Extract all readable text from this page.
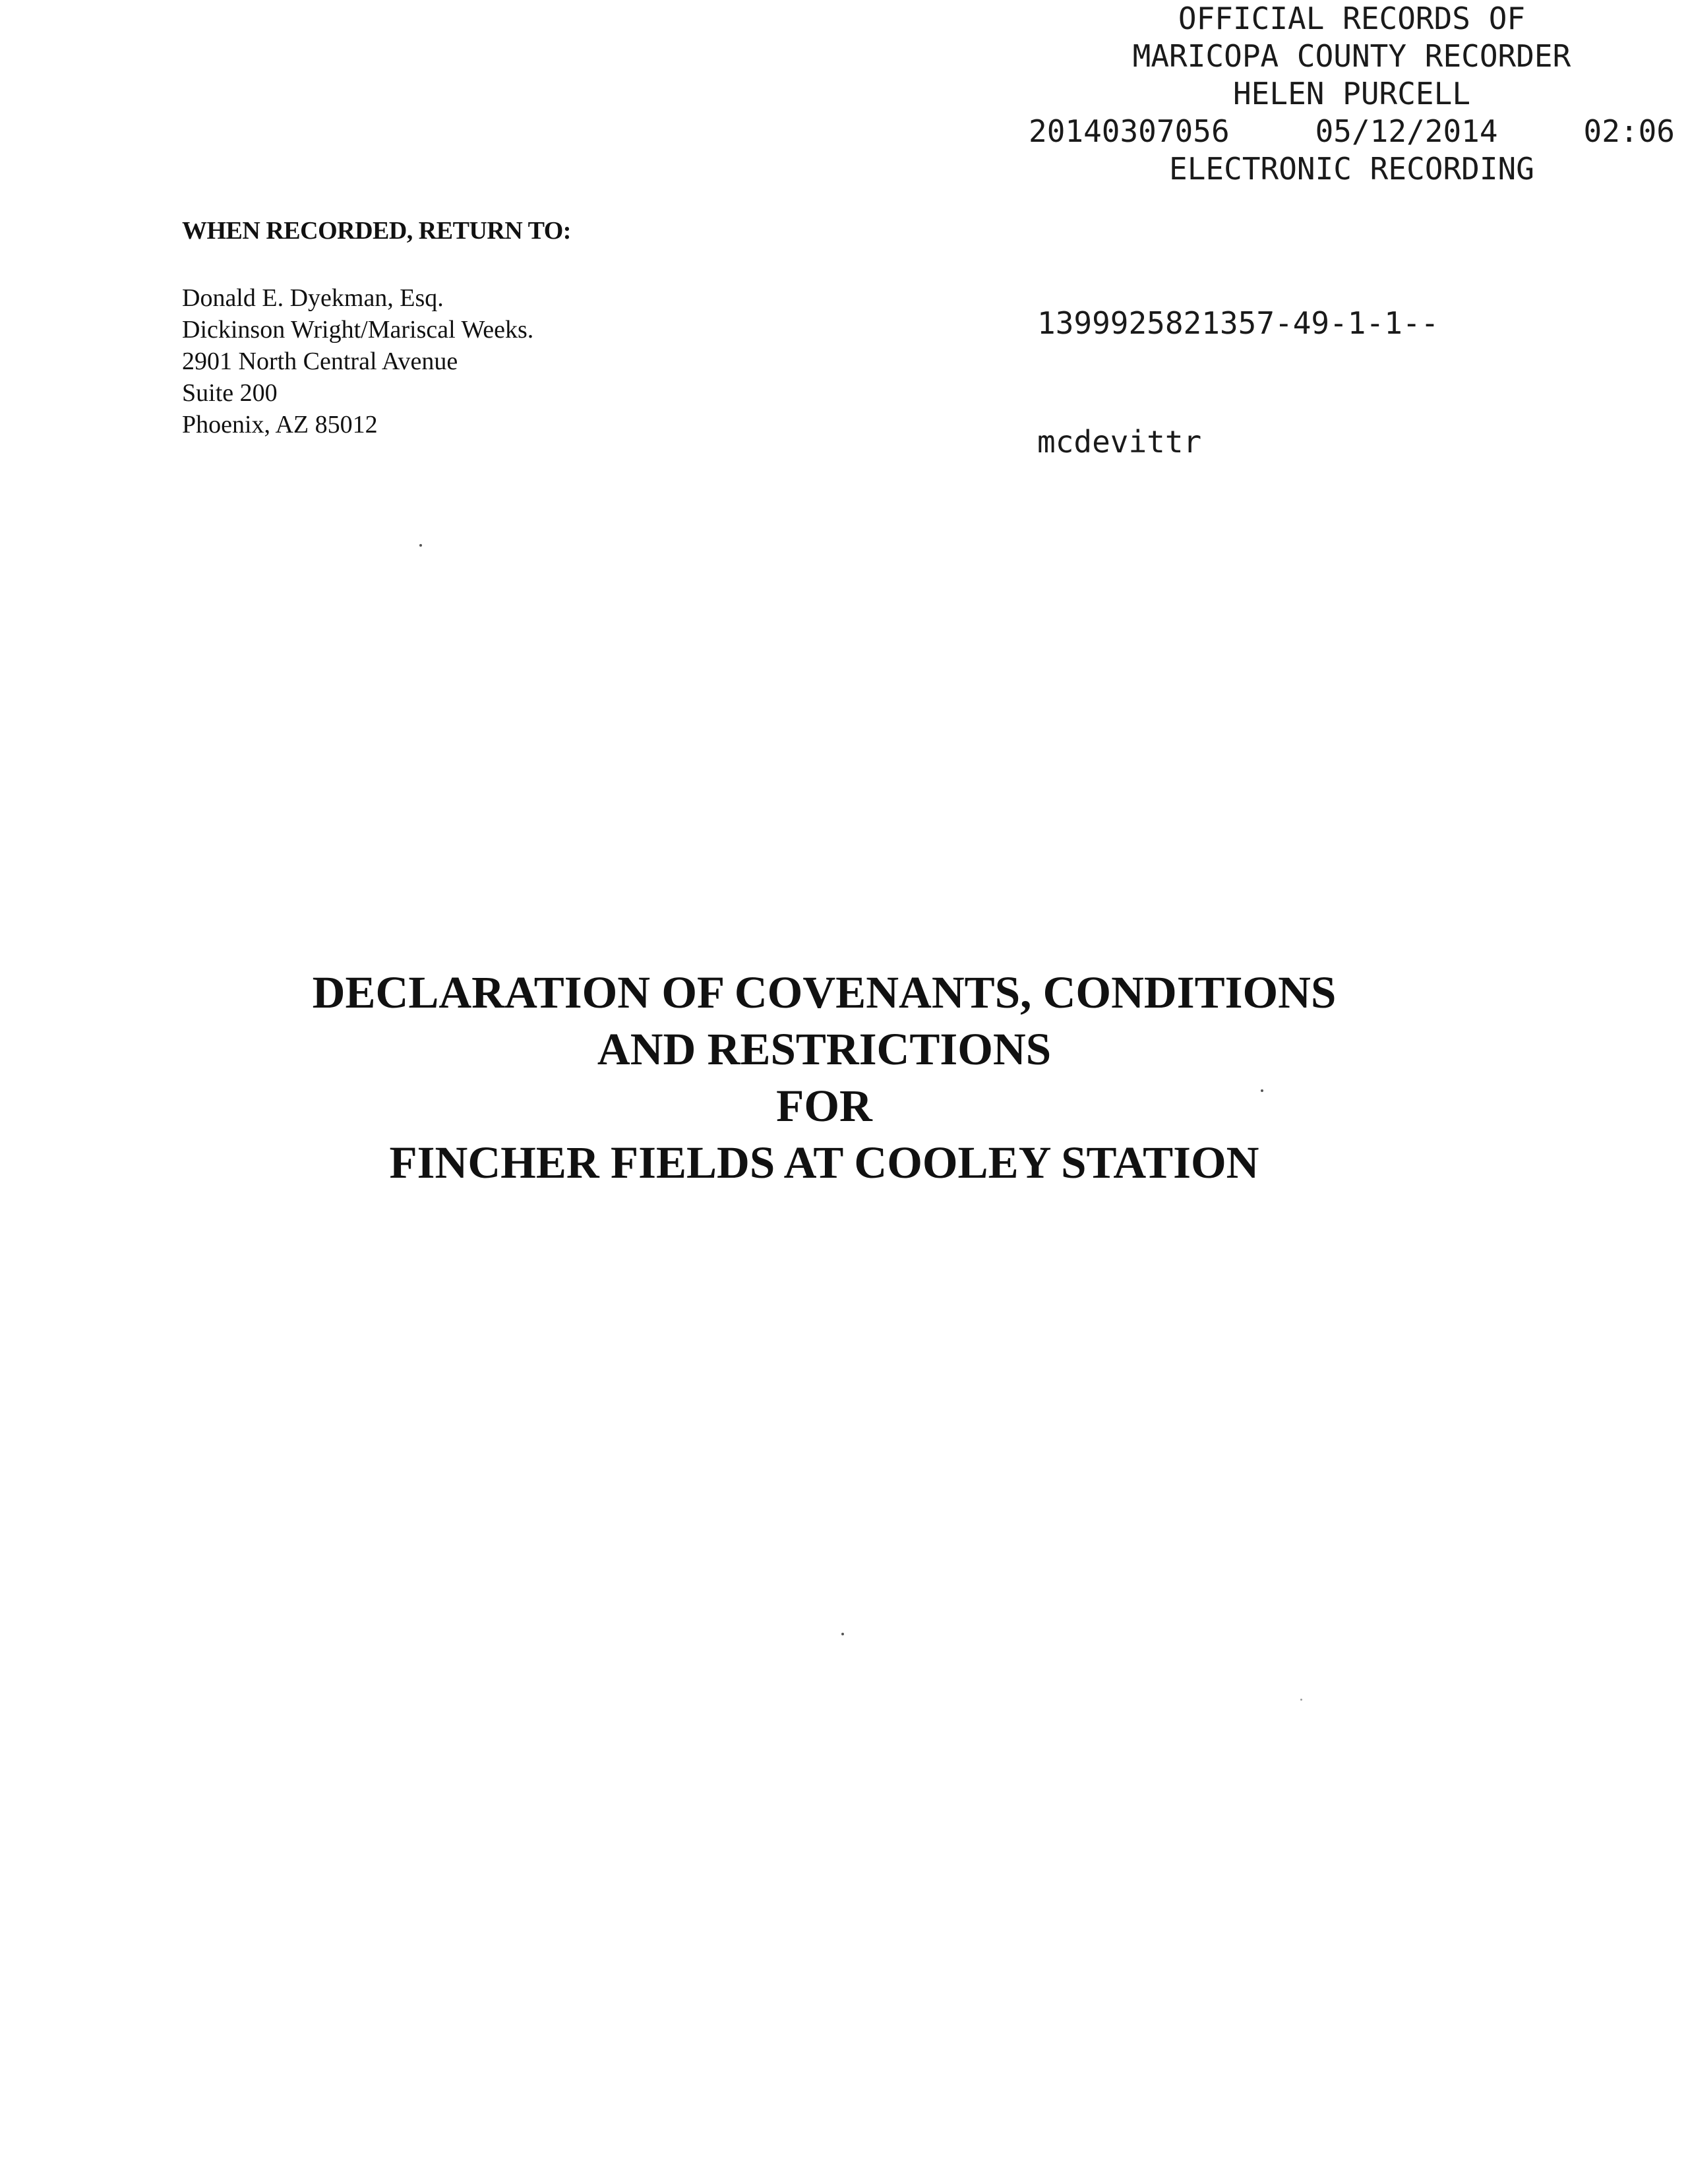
OFFICIAL RECORDS OF
MARICOPA COUNTY RECORDER
HELEN PURCELL
20140307056	05/12/2014	02:06
ELECTRONIC RECORDING

1399925821357-49-1-1--

mcdevittr

WHEN RECORDED, RETURN TO:
Donald E. Dyekman, Esq.
Dickinson Wright/Mariscal Weeks.
2901 North Central Avenue
Suite 200
Phoenix, AZ 85012
DECLARATION OF COVENANTS, CONDITIONS
AND RESTRICTIONS
FOR
FINCHER FIELDS AT COOLEY STATION
